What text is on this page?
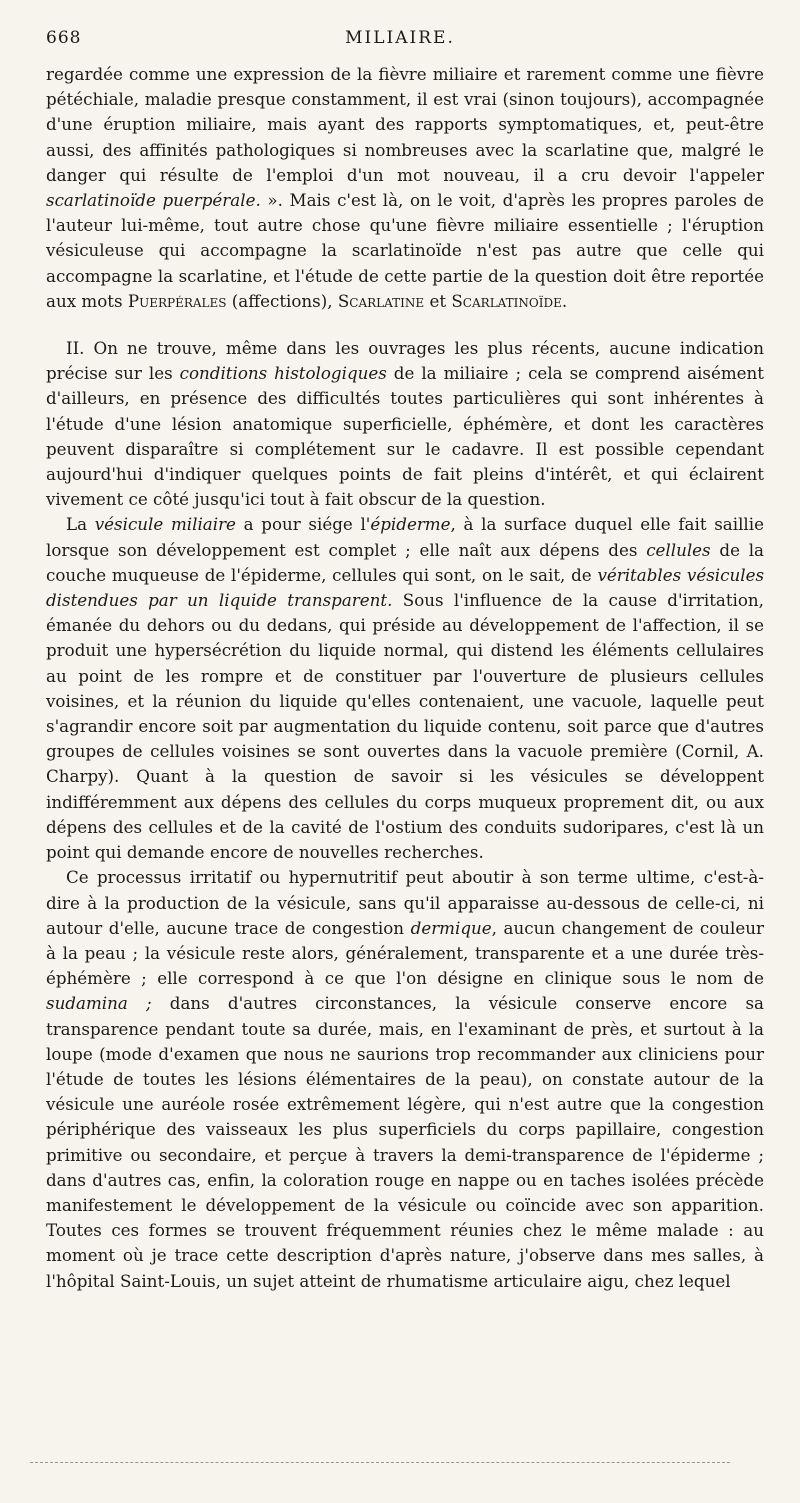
668	MILIAIRE.

regardée comme une expression de la fièvre miliaire et rarement comme une fièvre pétéchiale, maladie presque constamment, il est vrai (sinon toujours), accompagnée d'une éruption miliaire, mais ayant des rapports symptomatiques, et, peut-être aussi, des affinités pathologiques si nombreuses avec la scarlatine que, malgré le danger qui résulte de l'emploi d'un mot nouveau, il a cru devoir l'appeler scarlatinoïde puerpérale. ». Mais c'est là, on le voit, d'après les propres paroles de l'auteur lui-même, tout autre chose qu'une fièvre miliaire essentielle ; l'éruption vésiculeuse qui accompagne la scarlatinoïde n'est pas autre que celle qui accompagne la scarlatine, et l'étude de cette partie de la question doit être reportée aux mots Puerpérales (affections), Scarlatine et Scarlatinoïde.

II. On ne trouve, même dans les ouvrages les plus récents, aucune indication précise sur les conditions histologiques de la miliaire ; cela se comprend aisément d'ailleurs, en présence des difficultés toutes particulières qui sont inhérentes à l'étude d'une lésion anatomique superficielle, éphémère, et dont les caractères peuvent disparaître si complétement sur le cadavre. Il est possible cependant aujourd'hui d'indiquer quelques points de fait pleins d'intérêt, et qui éclairent vivement ce côté jusqu'ici tout à fait obscur de la question.

La vésicule miliaire a pour siége l'épiderme, à la surface duquel elle fait saillie lorsque son développement est complet ; elle naît aux dépens des cellules de la couche muqueuse de l'épiderme, cellules qui sont, on le sait, de véritables vésicules distendues par un liquide transparent. Sous l'influence de la cause d'irritation, émanée du dehors ou du dedans, qui préside au développement de l'affection, il se produit une hypersécrétion du liquide normal, qui distend les éléments cellulaires au point de les rompre et de constituer par l'ouverture de plusieurs cellules voisines, et la réunion du liquide qu'elles contenaient, une vacuole, laquelle peut s'agrandir encore soit par augmentation du liquide contenu, soit parce que d'autres groupes de cellules voisines se sont ouvertes dans la vacuole première (Cornil, A. Charpy). Quant à la question de savoir si les vésicules se développent indifféremment aux dépens des cellules du corps muqueux proprement dit, ou aux dépens des cellules et de la cavité de l'ostium des conduits sudoripares, c'est là un point qui demande encore de nouvelles recherches.

Ce processus irritatif ou hypernutritif peut aboutir à son terme ultime, c'est-à-dire à la production de la vésicule, sans qu'il apparaisse au-dessous de celle-ci, ni autour d'elle, aucune trace de congestion dermique, aucun changement de couleur à la peau ; la vésicule reste alors, généralement, transparente et a une durée très-éphémère ; elle correspond à ce que l'on désigne en clinique sous le nom de sudamina ; dans d'autres circonstances, la vésicule conserve encore sa transparence pendant toute sa durée, mais, en l'examinant de près, et surtout à la loupe (mode d'examen que nous ne saurions trop recommander aux cliniciens pour l'étude de toutes les lésions élémentaires de la peau), on constate autour de la vésicule une auréole rosée extrêmement légère, qui n'est autre que la congestion périphérique des vaisseaux les plus superficiels du corps papillaire, congestion primitive ou secondaire, et perçue à travers la demi-transparence de l'épiderme ; dans d'autres cas, enfin, la coloration rouge en nappe ou en taches isolées précède manifestement le développement de la vésicule ou coïncide avec son apparition. Toutes ces formes se trouvent fréquemment réunies chez le même malade : au moment où je trace cette description d'après nature, j'observe dans mes salles, à l'hôpital Saint-Louis, un sujet atteint de rhumatisme articulaire aigu, chez lequel
